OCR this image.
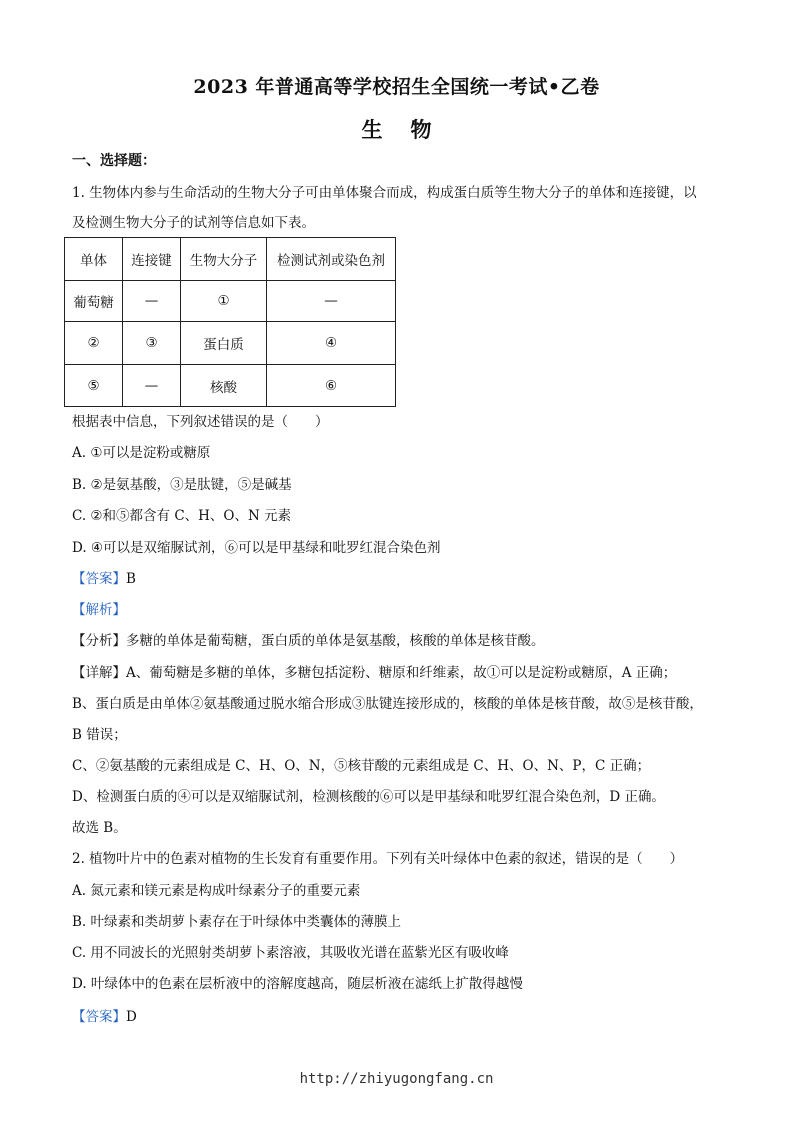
2023 年普通高等学校招生全国统一考试•乙卷
生物
一、选择题：
1. 生物体内参与生命活动的生物大分子可由单体聚合而成，构成蛋白质等生物大分子的单体和连接键，以
及检测生物大分子的试剂等信息如下表。
单体	连接键	生物大分子	检测试剂或染色剂
葡萄糖	—	①	—
②	③	蛋白质	④
⑤	—	核酸	⑥
根据表中信息，下列叙述错误的是（　　）
A. ①可以是淀粉或糖原
B. ②是氨基酸，③是肽键，⑤是碱基
C. ②和⑤都含有 C、H、O、N 元素
D. ④可以是双缩脲试剂，⑥可以是甲基绿和吡罗红混合染色剂
【答案】B
【解析】
【分析】多糖的单体是葡萄糖，蛋白质的单体是氨基酸，核酸的单体是核苷酸。
【详解】A、葡萄糖是多糖的单体，多糖包括淀粉、糖原和纤维素，故①可以是淀粉或糖原，A 正确；
B、蛋白质是由单体②氨基酸通过脱水缩合形成③肽键连接形成的，核酸的单体是核苷酸，故⑤是核苷酸，
B 错误；
C、②氨基酸的元素组成是 C、H、O、N，⑤核苷酸的元素组成是 C、H、O、N、P，C 正确；
D、检测蛋白质的④可以是双缩脲试剂，检测核酸的⑥可以是甲基绿和吡罗红混合染色剂，D 正确。
故选 B。
2. 植物叶片中的色素对植物的生长发育有重要作用。下列有关叶绿体中色素的叙述，错误的是（　　）
A. 氮元素和镁元素是构成叶绿素分子的重要元素
B. 叶绿素和类胡萝卜素存在于叶绿体中类囊体的薄膜上
C. 用不同波长的光照射类胡萝卜素溶液，其吸收光谱在蓝紫光区有吸收峰
D. 叶绿体中的色素在层析液中的溶解度越高，随层析液在滤纸上扩散得越慢
【答案】D
http://zhiyugongfang.cn
